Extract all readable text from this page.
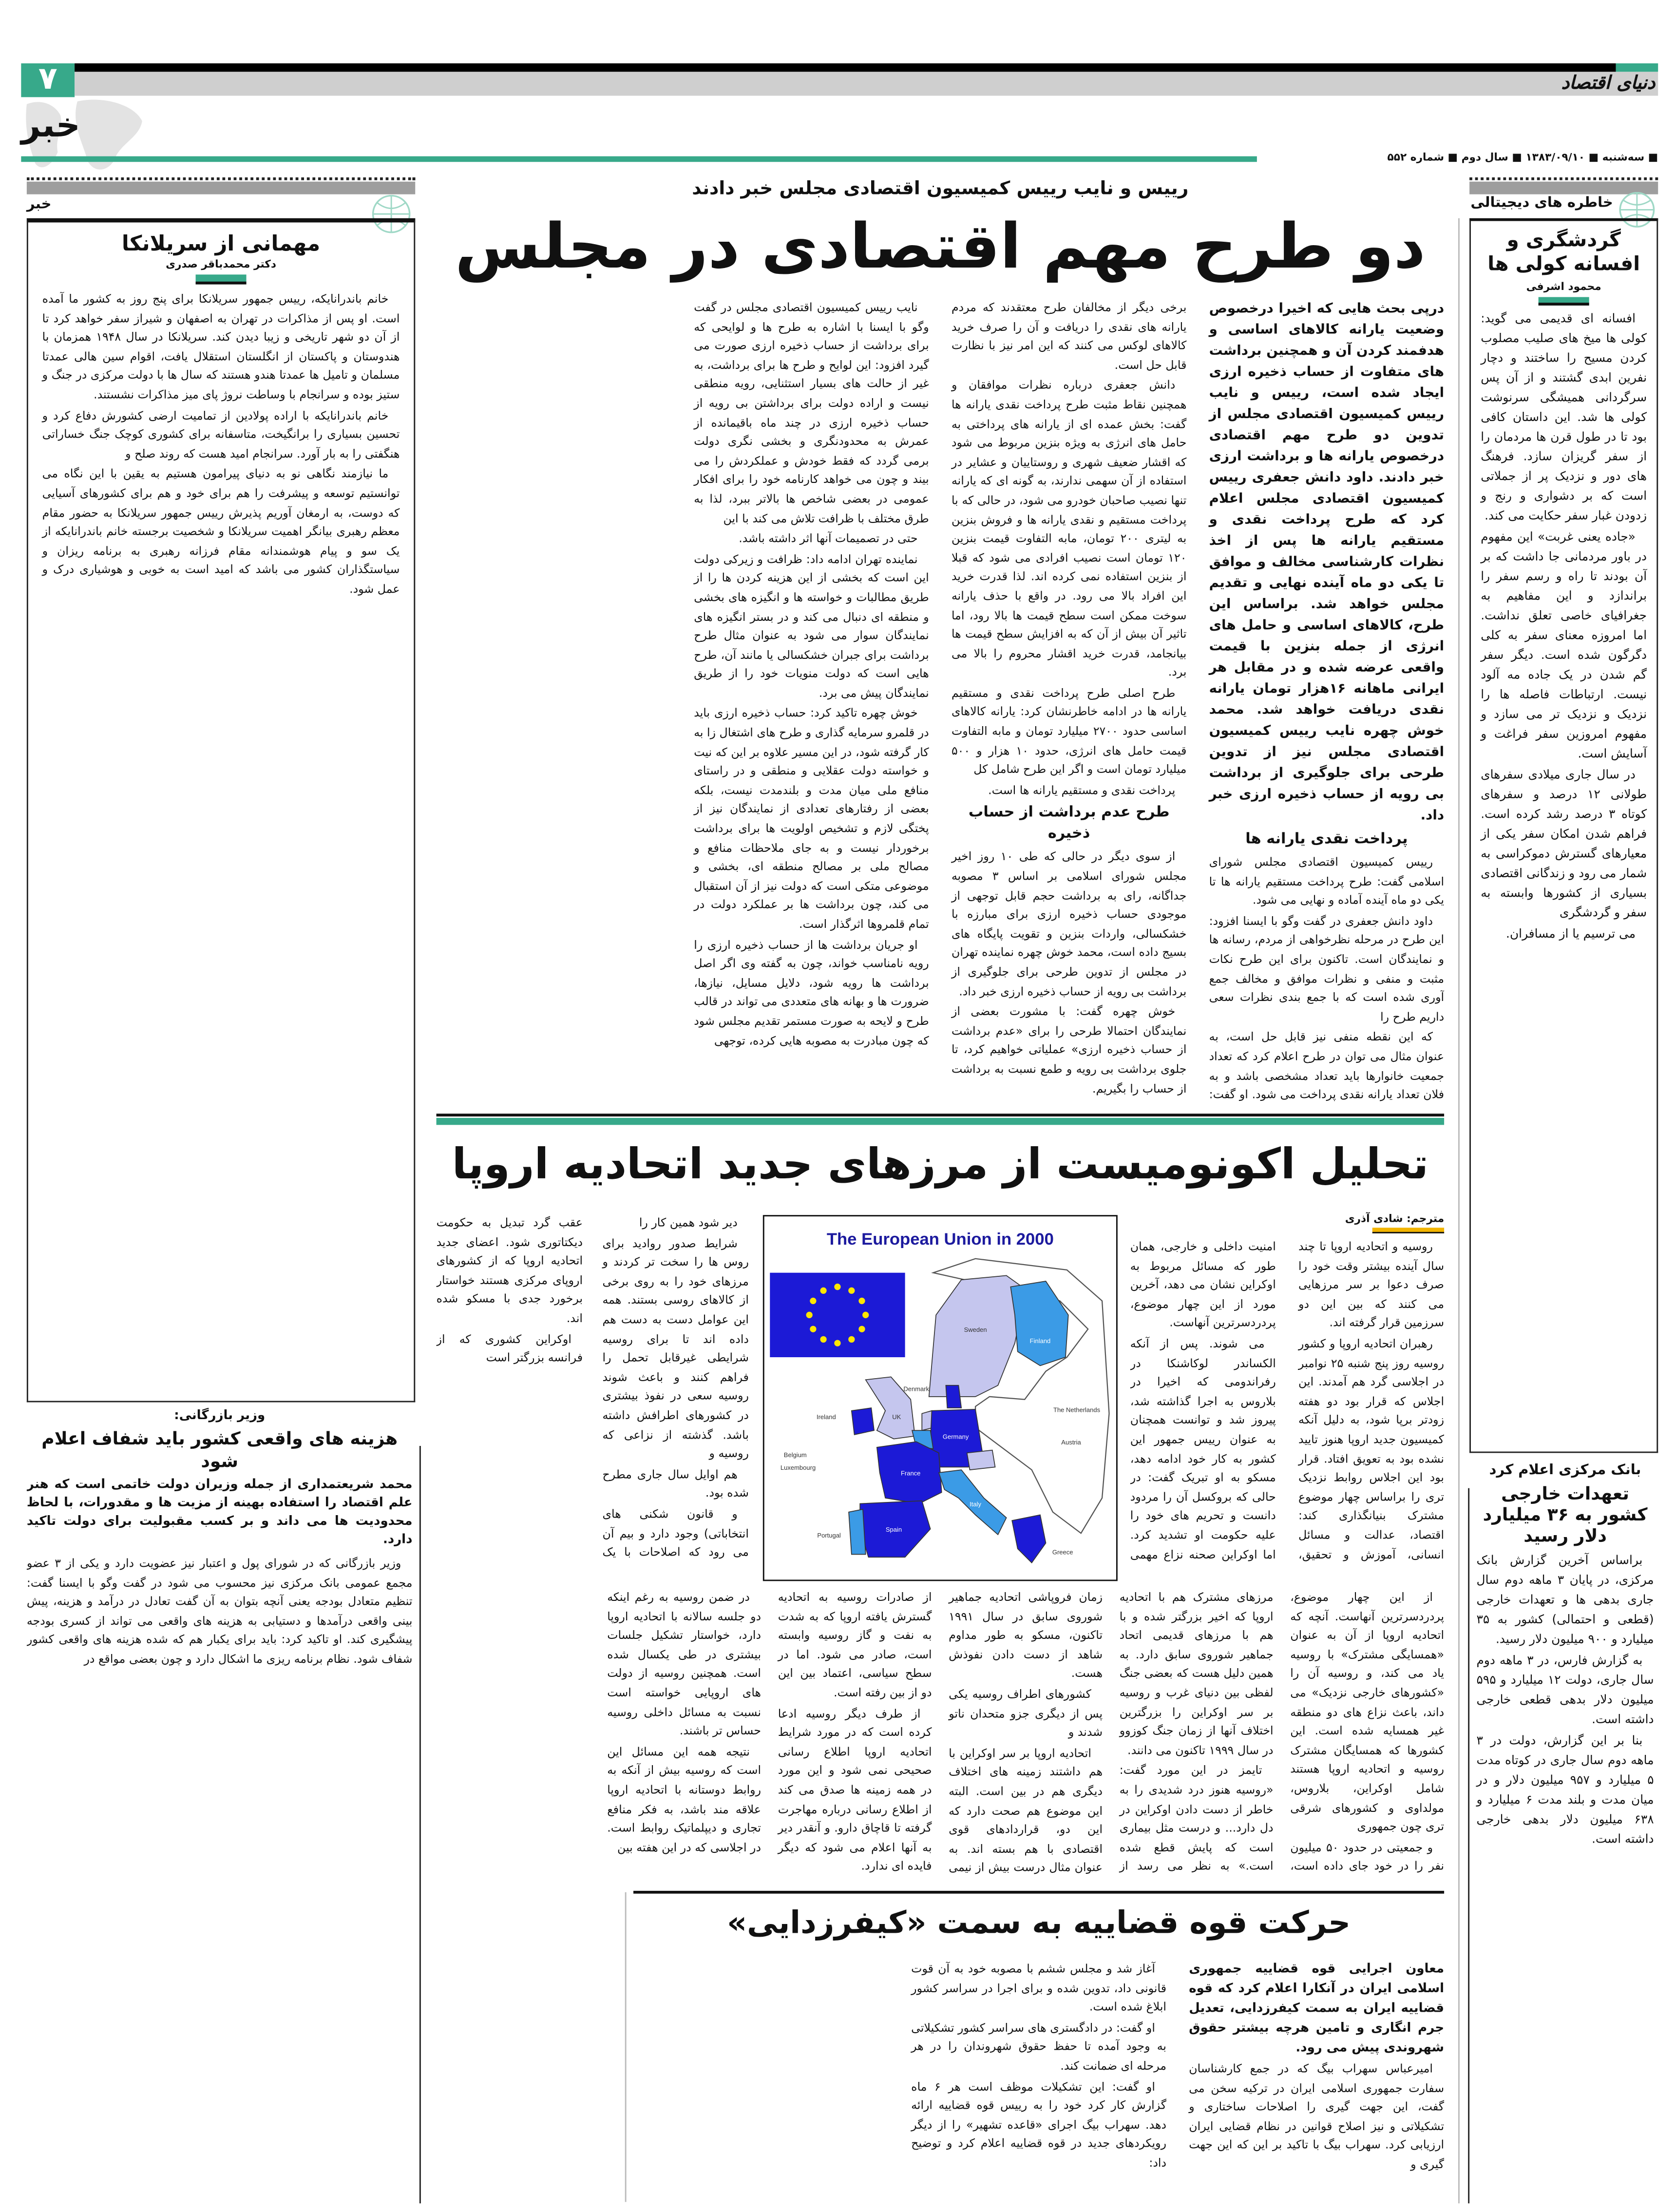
۷	دنیای اقتصاد
خبر
■ سه‌شنبه ■ ۱۳۸۳/۰۹/۱۰ ■ سال دوم ■ شماره ۵۵۲
خبر
مهمانی از سریلانکا
دکتر محمدباقر صدری

خانم باندرانایکه، رییس جمهور سریلانکا برای پنج روز به کشور ما آمده است. او پس از مذاکرات در تهران به اصفهان و شیراز سفر خواهد کرد تا از آن دو شهر تاریخی و زیبا دیدن کند. سریلانکا در سال ۱۹۴۸ همزمان با هندوستان و پاکستان از انگلستان استقلال یافت، اقوام سین هالی عمدتا مسلمان و تامیل ها عمدتا هندو هستند که سال ها با دولت مرکزی در جنگ و ستیز بوده و سرانجام با وساطت نروژ پای میز مذاکرات نشستند.

خانم باندرانایکه با اراده پولادین از تمامیت ارضی کشورش دفاع کرد و تحسین بسیاری را برانگیخت، متاسفانه برای کشوری کوچک جنگ خساراتی هنگفتی را به بار آورد. سرانجام امید هست که روند صلح و

ما نیازمند نگاهی نو به دنیای پیرامون هستیم به یقین با این نگاه می توانستیم توسعه و پیشرفت را هم برای خود و هم برای کشورهای آسیایی که دوست، به ارمغان آوریم پذیرش رییس جمهور سریلانکا به حضور مقام معظم رهبری بیانگر اهمیت سریلانکا و شخصیت برجسته خانم باندرانایکه از یک سو و پیام هوشمندانه مقام فرزانه رهبری به برنامه ریزان و سیاستگذاران کشور می باشد که امید است به خوبی و هوشیاری درک و عمل شود.

وزیر بازرگانی:
هزینه های واقعی کشور باید شفاف اعلام شود
محمد شریعتمداری از جمله وزیران دولت خاتمی است که هنر علم اقتصاد را استفاده بهینه از مزیت ها و مقدورات، با لحاظ محدودیت ها می داند و بر کسب مقبولیت برای دولت تاکید دارد.

وزیر بازرگانی که در شورای پول و اعتبار نیز عضویت دارد و یکی از ۳ عضو مجمع عمومی بانک مرکزی نیز محسوب می شود در گفت وگو با ایسنا گفت: تنظیم متعادل بودجه یعنی آنچه بتوان به آن گفت تعادل در درآمد و هزینه، پیش بینی واقعی درآمدها و دستیابی به هزینه های واقعی می تواند از کسری بودجه پیشگیری کند. او تاکید کرد: باید برای یکبار هم که شده هزینه های واقعی کشور شفاف شود. نظام برنامه ریزی ما اشکال دارد و چون بعضی مواقع در

رییس و نایب رییس کمیسیون اقتصادی مجلس خبر دادند
دو طرح مهم اقتصادی در مجلس

درپی بحث هایی که اخیرا درخصوص وضعیت یارانه کالاهای اساسی و هدفمند کردن آن و همچنین برداشت های متفاوت از حساب ذخیره ارزی ایجاد شده است، رییس و نایب رییس کمیسیون اقتصادی مجلس از تدوین دو طرح مهم اقتصادی درخصوص یارانه ها و برداشت ارزی خبر دادند. داود دانش جعفری رییس کمیسیون اقتصادی مجلس اعلام کرد که طرح پرداخت نقدی و مستقیم یارانه ها پس از اخذ نظرات کارشناسی مخالف و موافق تا یکی دو ماه آینده نهایی و تقدیم مجلس خواهد شد. براساس این طرح، کالاهای اساسی و حامل های انرژی از جمله بنزین با قیمت واقعی عرضه شده و در مقابل هر ایرانی ماهانه ۱۶هزار تومان یارانه نقدی دریافت خواهد شد. محمد خوش چهره نایب رییس کمیسیون اقتصادی مجلس نیز از تدوین طرحی برای جلوگیری از برداشت بی رویه از حساب ذخیره ارزی خبر داد.

پرداخت نقدی یارانه ها

رییس کمیسیون اقتصادی مجلس شورای اسلامی گفت: طرح پرداخت مستقیم یارانه ها تا یکی دو ماه آینده آماده و نهایی می شود.

داود دانش جعفری در گفت وگو با ایسنا افزود: این طرح در مرحله نظرخواهی از مردم، رسانه ها و نمایندگان است. تاکنون برای این طرح نکات مثبت و منفی و نظرات موافق و مخالف جمع آوری شده است که با جمع بندی نظرات سعی داریم طرح را

که این نقطه منفی نیز قابل حل است، به عنوان مثال می توان در طرح اعلام کرد که تعداد جمعیت خانوارها باید تعداد مشخصی باشد و به فلان تعداد یارانه نقدی پرداخت می شود. او گفت: برخی دیگر از مخالفان طرح معتقدند که مردم یارانه های نقدی را دریافت و آن را صرف خرید کالاهای لوکس می کنند که این امر نیز با نظارت قابل حل است.

دانش جعفری درباره نظرات موافقان و همچنین نقاط مثبت طرح پرداخت نقدی یارانه ها گفت: بخش عمده ای از یارانه های پرداختی به حامل های انرژی به ویژه بنزین مربوط می شود که اقشار ضعیف شهری و روستاییان و عشایر در استفاده از آن سهمی ندارند، به گونه ای که یارانه تنها نصیب صاحبان خودرو می شود، در حالی که با پرداخت مستقیم و نقدی یارانه ها و فروش بنزین به لیتری ۲۰۰ تومان، مابه التفاوت قیمت بنزین ۱۲۰ تومان است نصیب افرادی می شود که قبلا از بنزین استفاده نمی کرده اند. لذا قدرت خرید این افراد بالا می رود. در واقع با حذف یارانه سوخت ممکن است سطح قیمت ها بالا رود، اما تاثیر آن بیش از آن که به افزایش سطح قیمت ها بیانجامد، قدرت خرید اقشار محروم را بالا می برد.

طرح اصلی طرح پرداخت نقدی و مستقیم یارانه ها در ادامه خاطرنشان کرد: یارانه کالاهای اساسی حدود ۲۷۰۰ میلیارد تومان و مابه التفاوت قیمت حامل های انرژی، حدود ۱۰ هزار و ۵۰۰ میلیارد تومان است و اگر این طرح شامل کل

پرداخت نقدی و مستقیم یارانه ها است.

طرح عدم برداشت از حساب ذخیره

از سوی دیگر در حالی که طی ۱۰ روز اخیر مجلس شورای اسلامی بر اساس ۳ مصوبه جداگانه، رای به برداشت حجم قابل توجهی از موجودی حساب ذخیره ارزی برای مبارزه با خشکسالی، واردات بنزین و تقویت پایگاه های بسیج داده است، محمد خوش چهره نماینده تهران در مجلس از تدوین طرحی برای جلوگیری از برداشت بی رویه از حساب ذخیره ارزی خبر داد.

خوش چهره گفت: با مشورت بعضی از نمایندگان احتمالا طرحی را برای «عدم برداشت از حساب ذخیره ارزی» عملیاتی خواهیم کرد، تا جلوی برداشت بی رویه و طمع نسبت به برداشت از حساب را بگیریم.

نایب رییس کمیسیون اقتصادی مجلس در گفت وگو با ایسنا با اشاره به طرح ها و لوایحی که برای برداشت از حساب ذخیره ارزی صورت می گیرد افزود: این لوایح و طرح ها برای برداشت، به غیر از حالت های بسیار استثنایی، رویه منطقی نیست و اراده دولت برای برداشتن بی رویه از حساب ذخیره ارزی در چند ماه باقیمانده از عمرش به محدودنگری و بخشی نگری دولت برمی گردد که فقط خودش و عملکردش را می بیند و چون می خواهد کارنامه خود را برای افکار عمومی در بعضی شاخص ها بالاتر ببرد، لذا به طرق مختلف با ظرافت تلاش می کند با این

حتی در تصمیمات آنها اثر داشته باشد.

نماینده تهران ادامه داد: ظرافت و زیرکی دولت این است که بخشی از این هزینه کردن ها را از طریق مطالبات و خواسته ها و انگیزه های بخشی و منطقه ای دنبال می کند و در بستر انگیزه های نمایندگان سوار می شود به عنوان مثال طرح برداشت برای جبران خشکسالی یا مانند آن، طرح هایی است که دولت منویات خود را از طریق نمایندگان پیش می برد.

خوش چهره تاکید کرد: حساب ذخیره ارزی باید در قلمرو سرمایه گذاری و طرح های اشتغال زا به کار گرفته شود، در این مسیر علاوه بر این که نیت و خواسته دولت عقلایی و منطقی و در راستای منافع ملی میان مدت و بلندمدت نیست، بلکه بعضی از رفتارهای تعدادی از نمایندگان نیز از پختگی لازم و تشخیص اولویت ها برای برداشت برخوردار نیست و به جای ملاحظات منافع و مصالح ملی بر مصالح منطقه ای، بخشی و موضوعی متکی است که دولت نیز از آن استقبال می کند، چون برداشت ها بر عملکرد دولت در تمام قلمروها اثرگذار است.

او جریان برداشت ها از حساب ذخیره ارزی را رویه نامناسب خواند، چون به گفته وی اگر اصل برداشت ها رویه شود، دلایل مسایل، نیازها، ضرورت ها و بهانه های متعددی می تواند در قالب طرح و لایحه به صورت مستمر تقدیم مجلس شود که چون مبادرت به مصوبه هایی کرده، توجهی

خاطره های دیجیتالی
گردشگری و افسانه کولی ها
محمود اشرفی

افسانه ای قدیمی می گوید: کولی ها میخ های صلیب مصلوب کردن مسیح را ساختند و دچار نفرین ابدی گشتند و از آن پس سرگردانی همیشگی سرنوشت کولی ها شد. این داستان کافی بود تا در طول قرن ها مردمان را از سفر گریزان سازد. فرهنگ های دور و نزدیک پر از جملاتی است که بر دشواری و رنج و زدودن غبار سفر حکایت می کند.

«جاده یعنی غربت» این مفهوم در باور مردمانی جا داشت که بر آن بودند تا راه و رسم سفر را براندازد و این مفاهیم به جغرافیای خاصی تعلق نداشت. اما امروزه معنای سفر به کلی دگرگون شده است. دیگر سفر گم شدن در یک جاده مه آلود نیست. ارتباطات فاصله ها را نزدیک و نزدیک تر می سازد و مفهوم امروزین سفر فراغت و آسایش است.

در سال جاری میلادی سفرهای طولانی ۱۲ درصد و سفرهای کوتاه ۳ درصد رشد کرده است. فراهم شدن امکان سفر یکی از معیارهای گسترش دموکراسی به شمار می رود و زندگانی اقتصادی بسیاری از کشورها وابسته به سفر و گردشگری

می ترسیم یا از مسافران.

بانک مرکزی اعلام کرد
تعهدات خارجی کشور به ۳۶ میلیارد دلار رسید

براساس آخرین گزارش بانک مرکزی، در پایان ۳ ماهه دوم سال جاری بدهی ها و تعهدات خارجی (قطعی و احتمالی) کشور به ۳۵ میلیارد و ۹۰۰ میلیون دلار رسید.

به گزارش فارس، در ۳ ماهه دوم سال جاری، دولت ۱۲ میلیارد و ۵۹۵ میلیون دلار بدهی قطعی خارجی داشته است.

بنا بر این گزارش، دولت در ۳ ماهه دوم سال جاری در کوتاه مدت ۵ میلیارد و ۹۵۷ میلیون دلار و در میان مدت و بلند مدت ۶ میلیارد و ۶۳۸ میلیون دلار بدهی خارجی داشته است.

تحلیل اکونومیست از مرزهای جدید اتحادیه اروپا
مترجم: شادی آذری

روسیه و اتحادیه اروپا تا چند سال آینده بیشتر وقت خود را صرف دعوا بر سر مرزهایی می کنند که بین این دو سرزمین قرار گرفته اند.

رهبران اتحادیه اروپا و کشور روسیه روز پنج شنبه ۲۵ نوامبر در اجلاسی گرد هم آمدند. این اجلاس که قرار بود دو هفته زودتر برپا شود، به دلیل آنکه کمیسیون جدید اروپا هنوز تایید نشده بود به تعویق افتاد. قرار بود این اجلاس روابط نزدیک تری را براساس چهار موضوع مشترک بنیانگذاری کند: اقتصاد، عدالت و مسائل انسانی، آموزش و تحقیق، امنیت داخلی و خارجی، همان طور که مسائل مربوط به اوکراین نشان می دهد، آخرین مورد از این چهار موضوع، پردردسرترین آنهاست.

می شوند. پس از آنکه الکساندر لوکاشنکا در رفراندومی که اخیرا در بلاروس به اجرا گذاشته شد، پیروز شد و توانست همچنان به عنوان رییس جمهور این کشور به کار خود ادامه دهد، مسکو به او تبریک گفت: در حالی که بروکسل آن را مردود دانست و تحریم های خود را علیه حکومت او تشدید کرد. اما اوکراین صحنه نزاع مهمی

The European Union in 2000
Sweden
Finland
Denmark
The Netherlands
Ireland	UK
Germany
Belgium
Luxembourg
Austria
France
Italy
Spain
Portugal
Greece

دیر شود همین کار را

شرایط صدور روادید برای روس ها را سخت تر کردند و مرزهای خود را به روی برخی از کالاهای روسی بستند. همه این عوامل دست به دست هم داده اند تا برای روسیه شرایطی غیرقابل تحمل را فراهم کنند و باعث شوند روسیه سعی در نفوذ بیشتری در کشورهای اطرافش داشته باشد. گذشته از نزاعی که روسیه و

هم اوایل سال جاری مطرح شده بود.

و قانون شکنی های انتخاباتی) وجود دارد و بیم آن می رود که اصلاحات با یک عقب گرد تبدیل به حکومت دیکتاتوری شود. اعضای جدید اتحادیه اروپا که از کشورهای اروپای مرکزی هستند خواستار برخورد جدی با مسکو شده اند.

اوکراین کشوری که از فرانسه بزرگتر است

از این چهار موضوع، پردردسرترین آنهاست. آنچه که اتحادیه اروپا از آن به عنوان «همسایگی مشترک» با روسیه یاد می کند، و روسیه آن را «کشورهای خارجی نزدیک» می داند، باعث نزاع های دو منطقه غیر همسایه شده است. این کشورها که همسایگان مشترک روسیه و اتحادیه اروپا هستند شامل اوکراین، بلاروس، مولداوی و کشورهای شرقی تری چون جمهوری

و جمعیتی در حدود ۵۰ میلیون نفر را در خود جای داده است، مرزهای مشترک هم با اتحادیه اروپا که اخیر بزرگتر شده و با هم با مرزهای قدیمی اتحاد جماهیر شوروی سابق دارد. به همین دلیل هست که بعضی جنگ لفظی بین دنیای غرب و روسیه بر سر اوکراین را بزرگترین اختلاف آنها از زمان جنگ کوزوو در سال ۱۹۹۹ تاکنون می دانند.

تایمز در این مورد گفت: «روسیه هنوز درد شدیدی را به خاطر از دست دادن اوکراین در دل دارد... و درست مثل بیماری است که پایش قطع شده است.» به نظر می رسد از زمان فروپاشی اتحادیه جماهیر شوروی سابق در سال ۱۹۹۱ تاکنون، مسکو به طور مداوم شاهد از دست دادن نفوذش هست.

کشورهای اطراف روسیه یکی پس از دیگری جزو متحدان ناتو شدند و

اتحادیه اروپا بر سر اوکراین با هم داشتند زمینه های اختلاف دیگری هم در بین است. البته این موضوع هم صحت دارد که این دو، قراردادهای قوی اقتصادی با هم بسته اند. به عنوان مثال درست بیش از نیمی از صادرات روسیه به اتحادیه گسترش یافته اروپا که به شدت به نفت و گاز روسیه وابسته است، صادر می شود. اما در سطح سیاسی، اعتماد بین این دو از بین رفته است.

از طرف دیگر روسیه ادعا کرده است که در مورد شرایط اتحادیه اروپا اطلاع رسانی صحیحی نمی شود و این مورد در همه زمینه ها صدق می کند از اطلاع رسانی درباره مهاجرت گرفته تا قاچاق دارو. و آنقدر دیر به آنها اعلام می شود که دیگر فایده ای ندارد.

در ضمن روسیه به رغم اینکه دو جلسه سالانه با اتحادیه اروپا دارد، خواستار تشکیل جلسات بیشتری در طی یکسال شده است. همچنین روسیه از دولت های اروپایی خواسته است نسبت به مسائل داخلی روسیه حساس تر باشند.

نتیجه همه این مسائل این است که روسیه بیش از آنکه به روابط دوستانه با اتحادیه اروپا علاقه مند باشد، به فکر منافع تجاری و دیپلماتیک روابط است. در اجلاسی که در این هفته بین

حرکت قوه قضاییه به سمت «کیفرزدایی»

معاون اجرایی قوه قضاییه جمهوری اسلامی ایران در آنکارا اعلام کرد که قوه قضاییه ایران به سمت کیفرزدایی، تعدیل جرم انگاری و تامین هرچه بیشتر حقوق شهروندی پیش می رود.

امیرعباس سهراب بیگ که در جمع کارشناسان سفارت جمهوری اسلامی ایران در ترکیه سخن می گفت، این جهت گیری را اصلاحات ساختاری و تشکیلاتی و نیز اصلاح قوانین در نظام قضایی ایران ارزیابی کرد. سهراب بیگ با تاکید بر این که این جهت گیری و

آغاز شد و مجلس ششم با مصوبه خود به آن قوت قانونی داد، تدوین شده و برای اجرا در سراسر کشور ابلاغ شده است.

او گفت: در دادگستری های سراسر کشور تشکیلاتی به وجود آمده تا حفظ حقوق شهروندان را در هر مرحله ای ضمانت کند.

او گفت: این تشکیلات موظف است هر ۶ ماه گزارش کار کرد خود را به رییس قوه قضاییه ارائه دهد. سهراب بیگ اجرای «قاعده تشهیر» را از دیگر رویکردهای جدید در قوه قضاییه اعلام کرد و توضیح داد:
